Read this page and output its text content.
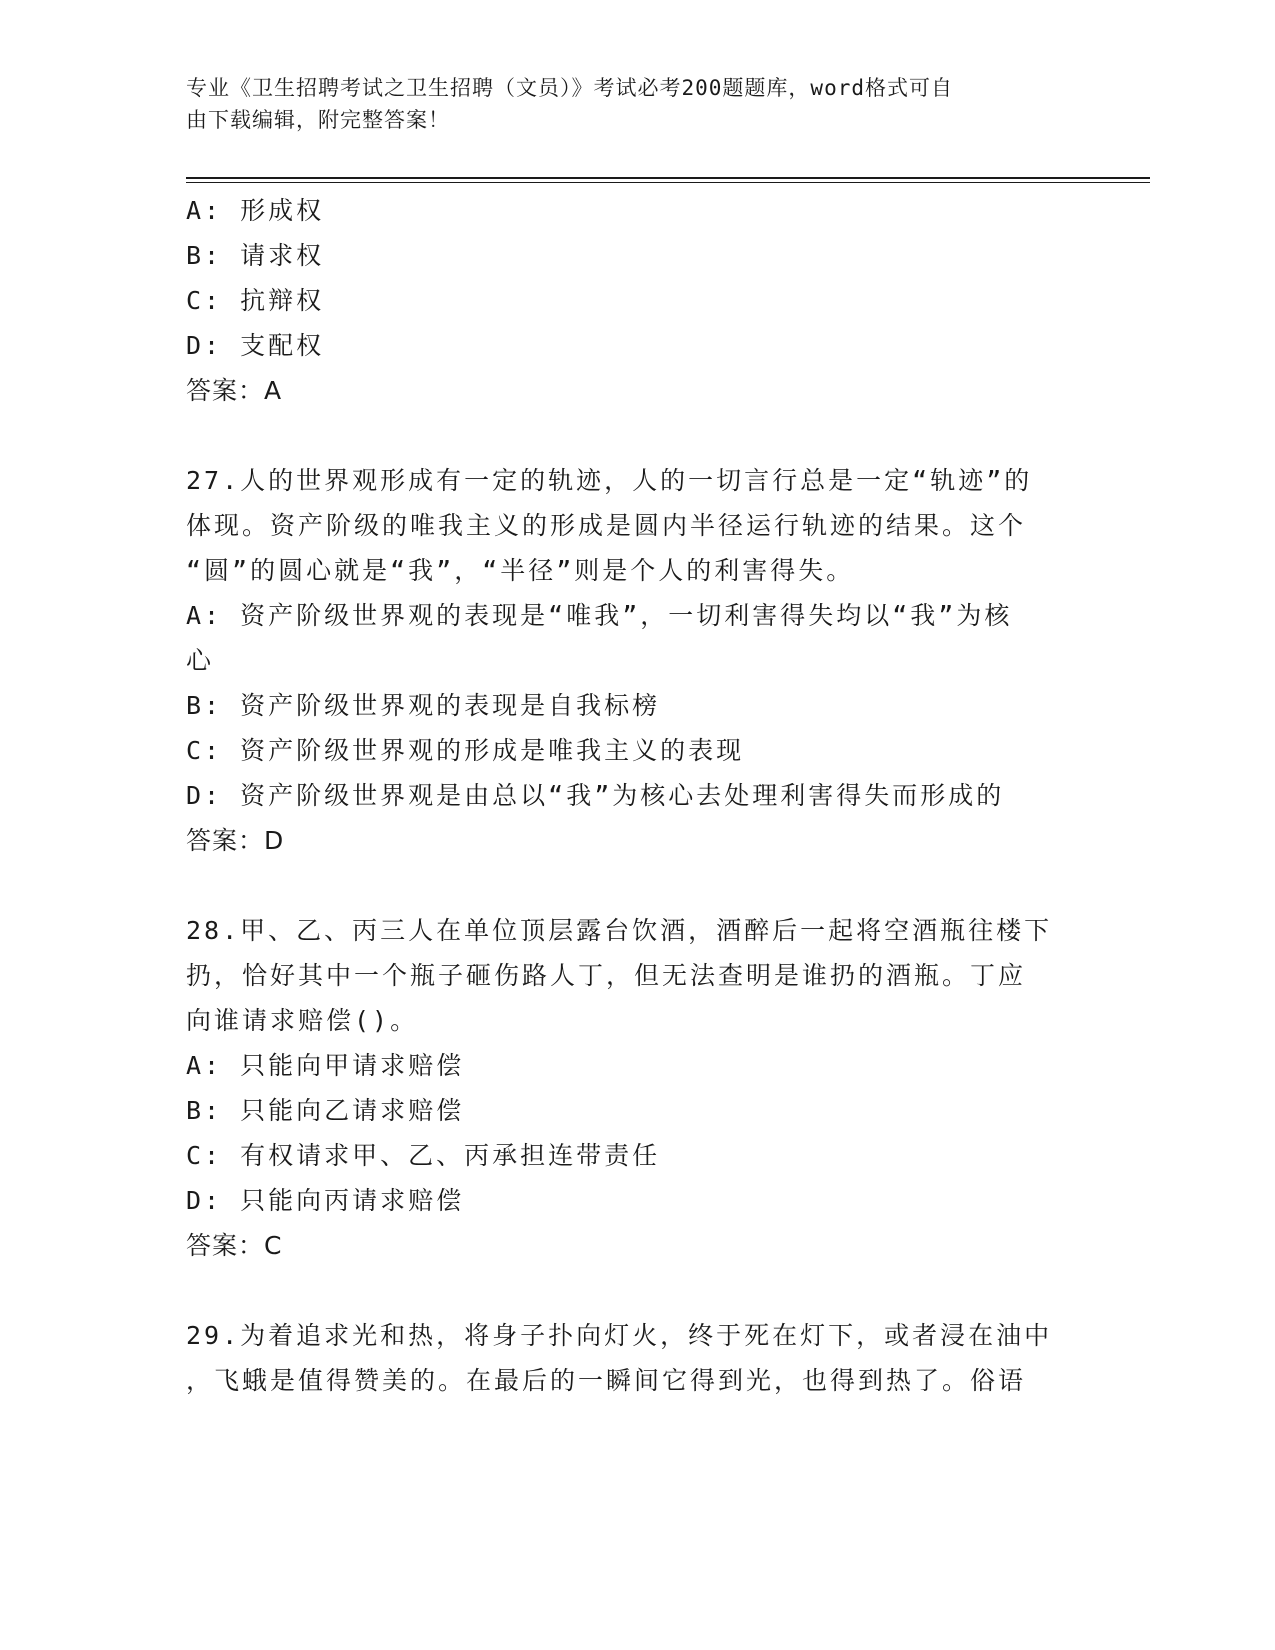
专业《卫生招聘考试之卫生招聘（文员）》考试必考200题题库，word格式可自
由下载编辑，附完整答案！
A: 形成权
B: 请求权
C: 抗辩权
D: 支配权
答案：A
27.人的世界观形成有一定的轨迹，人的一切言行总是一定“轨迹”的
体现。资产阶级的唯我主义的形成是圆内半径运行轨迹的结果。这个
“圆”的圆心就是“我”，“半径”则是个人的利害得失。
A: 资产阶级世界观的表现是“唯我”，一切利害得失均以“我”为核
心
B: 资产阶级世界观的表现是自我标榜
C: 资产阶级世界观的形成是唯我主义的表现
D: 资产阶级世界观是由总以“我”为核心去处理利害得失而形成的
答案：D
28.甲、乙、丙三人在单位顶层露台饮酒，酒醉后一起将空酒瓶往楼下
扔，恰好其中一个瓶子砸伤路人丁，但无法查明是谁扔的酒瓶。丁应
向谁请求赔偿()。
A: 只能向甲请求赔偿
B: 只能向乙请求赔偿
C: 有权请求甲、乙、丙承担连带责任
D: 只能向丙请求赔偿
答案：C
29.为着追求光和热，将身子扑向灯火，终于死在灯下，或者浸在油中
，飞蛾是值得赞美的。在最后的一瞬间它得到光，也得到热了。俗语
